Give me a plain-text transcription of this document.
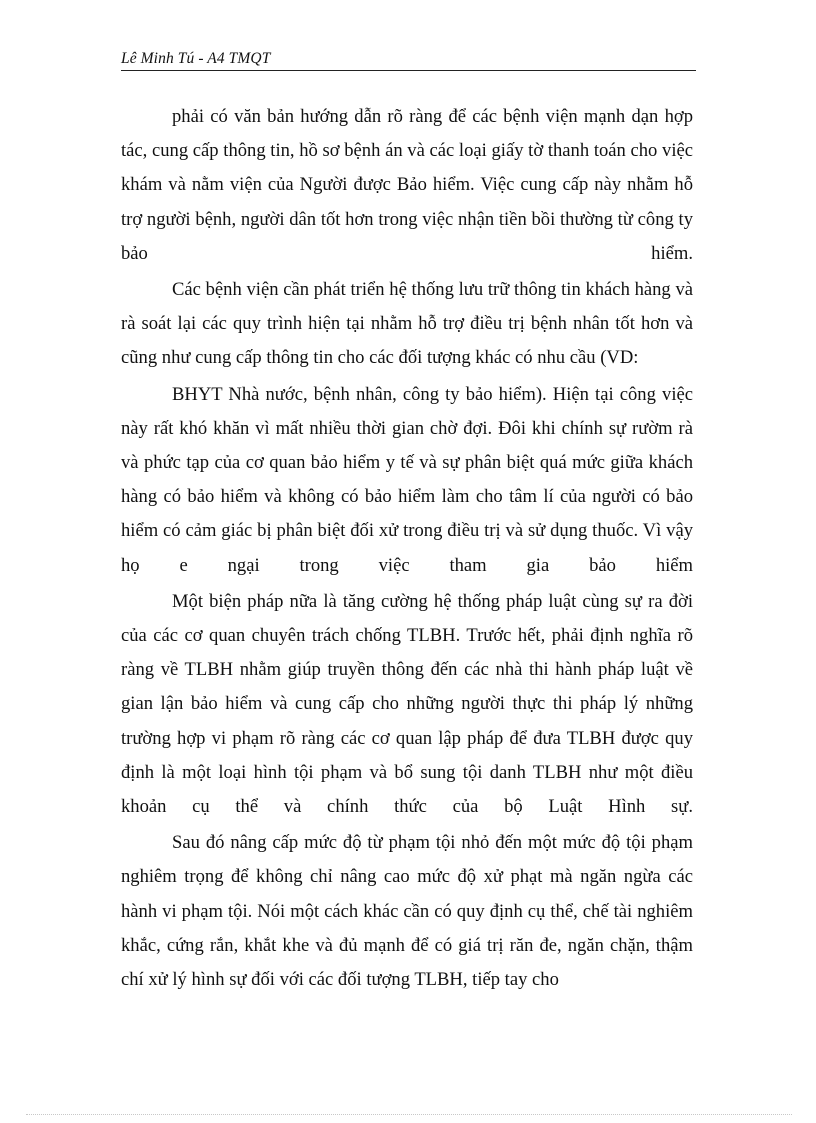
Lê Minh Tú - A4 TMQT

phải có văn bản hướng dẫn rõ ràng để các bệnh viện mạnh dạn hợp tác, cung cấp thông tin, hồ sơ bệnh án và các loại giấy tờ thanh toán cho việc khám và nằm viện của Người được Bảo hiểm. Việc cung cấp này nhằm hỗ trợ người bệnh, người dân tốt hơn trong việc nhận tiền bồi thường từ công ty bảo hiểm.

Các bệnh viện cần phát triển hệ thống lưu trữ thông tin khách hàng và rà soát lại các quy trình hiện tại nhằm hỗ trợ điều trị bệnh nhân tốt hơn và cũng như cung cấp thông tin cho các đối tượng khác có nhu cầu (VD:

BHYT Nhà nước, bệnh nhân, công ty bảo hiểm). Hiện tại công việc này rất khó khăn vì mất nhiều thời gian chờ đợi. Đôi khi chính sự rườm rà và phức tạp của cơ quan bảo hiểm y tế và sự phân biệt quá mức giữa khách hàng có bảo hiểm và không có bảo hiểm làm cho tâm lí của người có bảo hiểm có cảm giác bị phân biệt đối xử trong điều trị và sử dụng thuốc. Vì vậy họ e ngại trong việc tham gia bảo hiểm

Một biện pháp nữa là tăng cường hệ thống pháp luật cùng sự ra đời của các cơ quan chuyên trách chống TLBH. Trước hết, phải định nghĩa rõ ràng về TLBH nhằm giúp truyền thông đến các nhà thi hành pháp luật về gian lận bảo hiểm và cung cấp cho những người thực thi pháp lý những trường hợp vi phạm rõ ràng các cơ quan lập pháp để đưa TLBH được quy định là một loại hình tội phạm và bổ sung tội danh TLBH như một điều khoản cụ thể và chính thức của bộ Luật Hình sự.

Sau đó nâng cấp mức độ từ phạm tội nhỏ đến một mức độ tội phạm nghiêm trọng để không chỉ nâng cao mức độ xử phạt mà ngăn ngừa các hành vi phạm tội. Nói một cách khác cần có quy định cụ thể, chế tài nghiêm khắc, cứng rắn, khắt khe và đủ mạnh để có giá trị răn đe, ngăn chặn, thậm chí xử lý hình sự đối với các đối tượng TLBH, tiếp tay cho
